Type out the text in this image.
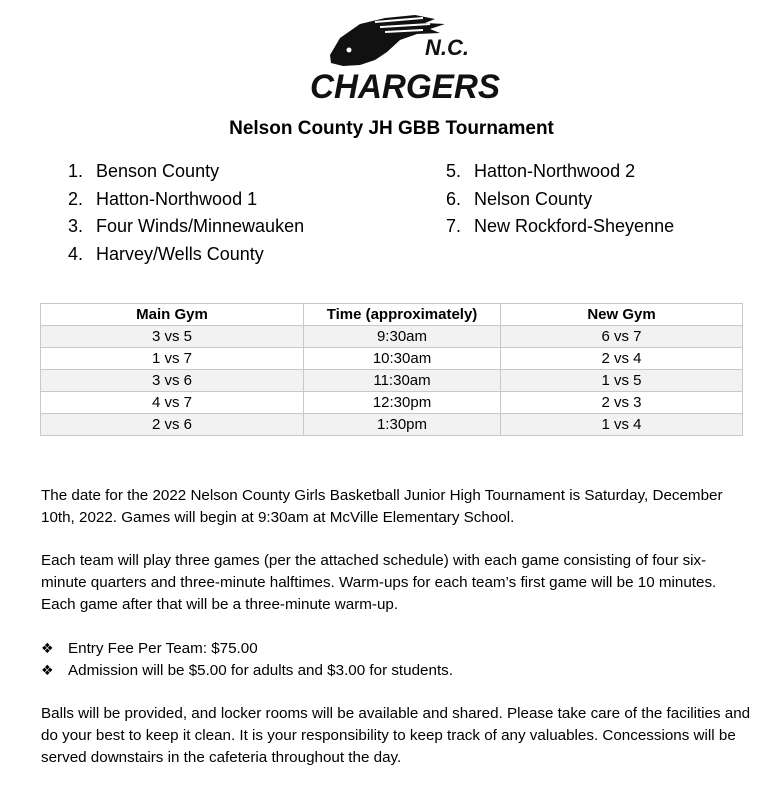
N.C.
CHARGERS
Nelson County JH GBB Tournament
1. Benson County
2. Hatton-Northwood 1
3. Four Winds/Minnewauken
4. Harvey/Wells County
5. Hatton-Northwood 2
6. Nelson County
7. New Rockford-Sheyenne
Main Gym	Time (approximately)	New Gym
3 vs 5	9:30am	6 vs 7
1 vs 7	10:30am	2 vs 4
3 vs 6	11:30am	1 vs 5
4 vs 7	12:30pm	2 vs 3
2 vs 6	1:30pm	1 vs 4

The date for the 2022 Nelson County Girls Basketball Junior High Tournament is Saturday, December 10th, 2022. Games will begin at 9:30am at McVille Elementary School.

Each team will play three games (per the attached schedule) with each game consisting of four six-minute quarters and three-minute halftimes. Warm-ups for each team’s first game will be 10 minutes. Each game after that will be a three-minute warm-up.

❖ Entry Fee Per Team: $75.00
❖ Admission will be $5.00 for adults and $3.00 for students.

Balls will be provided, and locker rooms will be available and shared. Please take care of the facilities and do your best to keep it clean. It is your responsibility to keep track of any valuables. Concessions will be served downstairs in the cafeteria throughout the day.
